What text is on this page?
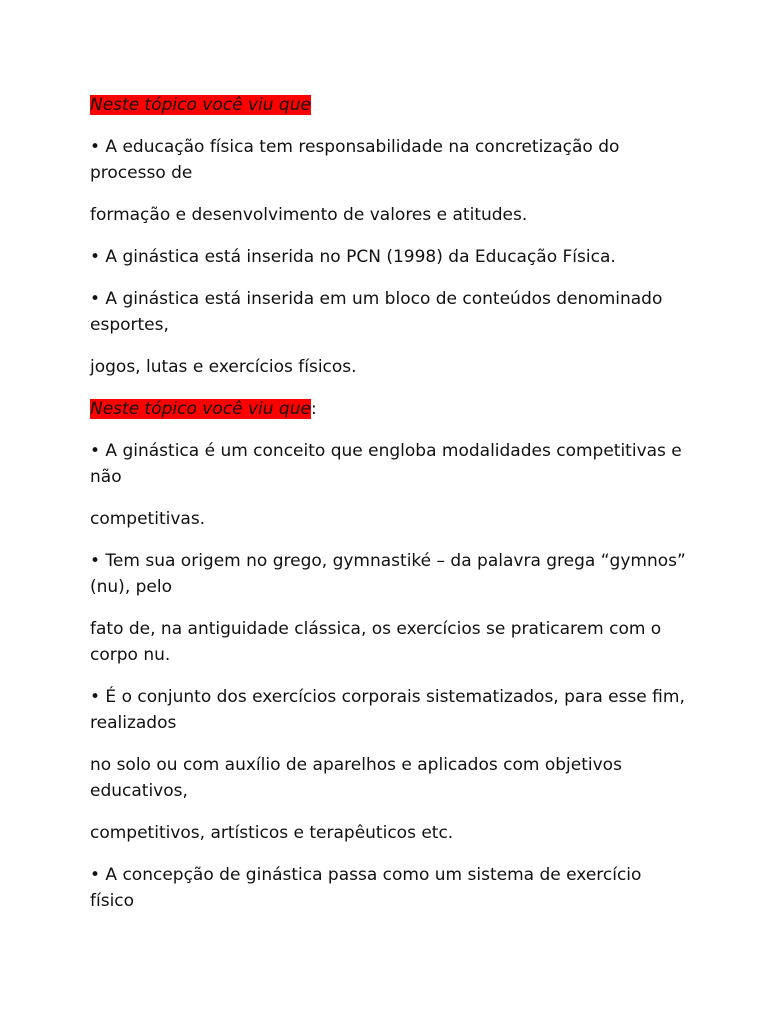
Neste tópico você viu que

• A educação física tem responsabilidade na concretização do processo de

formação e desenvolvimento de valores e atitudes.

• A ginástica está inserida no PCN (1998) da Educação Física.

• A ginástica está inserida em um bloco de conteúdos denominado esportes,

jogos, lutas e exercícios físicos.

Neste tópico você viu que:

• A ginástica é um conceito que engloba modalidades competitivas e não

competitivas.

• Tem sua origem no grego, gymnastiké – da palavra grega “gymnos” (nu), pelo

fato de, na antiguidade clássica, os exercícios se praticarem com o corpo nu.

• É o conjunto dos exercícios corporais sistematizados, para esse fim, realizados

no solo ou com auxílio de aparelhos e aplicados com objetivos educativos,

competitivos, artísticos e terapêuticos etc.

• A concepção de ginástica passa como um sistema de exercício físico
